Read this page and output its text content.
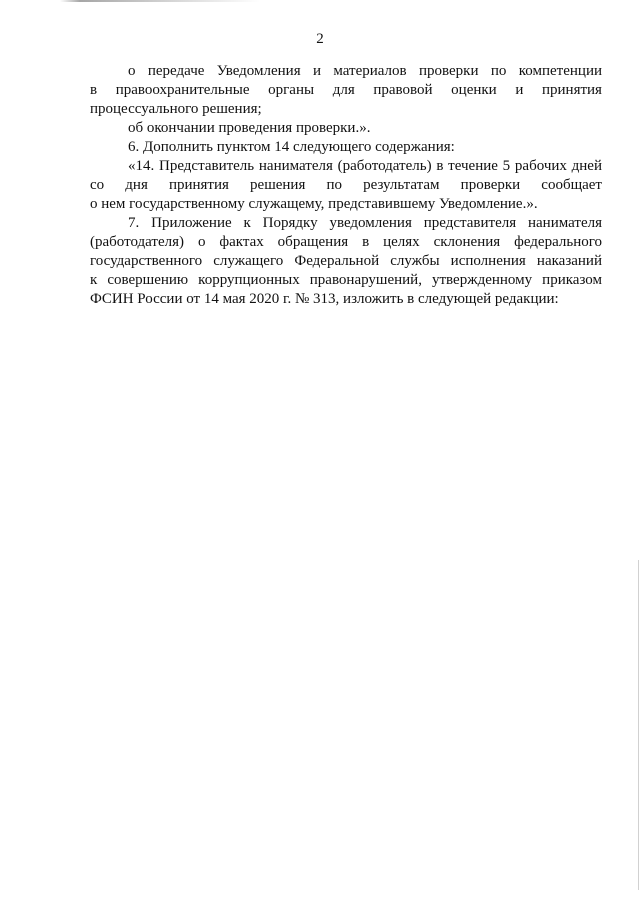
2
о передаче Уведомления и материалов проверки по компетенции
в правоохранительные органы для правовой оценки и принятия
процессуального решения;
об окончании проведения проверки.».
6. Дополнить пунктом 14 следующего содержания:
«14. Представитель нанимателя (работодатель) в течение 5 рабочих дней
со дня принятия решения по результатам проверки сообщает
о нем государственному служащему, представившему Уведомление.».
7. Приложение к Порядку уведомления представителя нанимателя
(работодателя) о фактах обращения в целях склонения федерального
государственного служащего Федеральной службы исполнения наказаний
к совершению коррупционных правонарушений, утвержденному приказом
ФСИН России от 14 мая 2020 г. № 313, изложить в следующей редакции:
